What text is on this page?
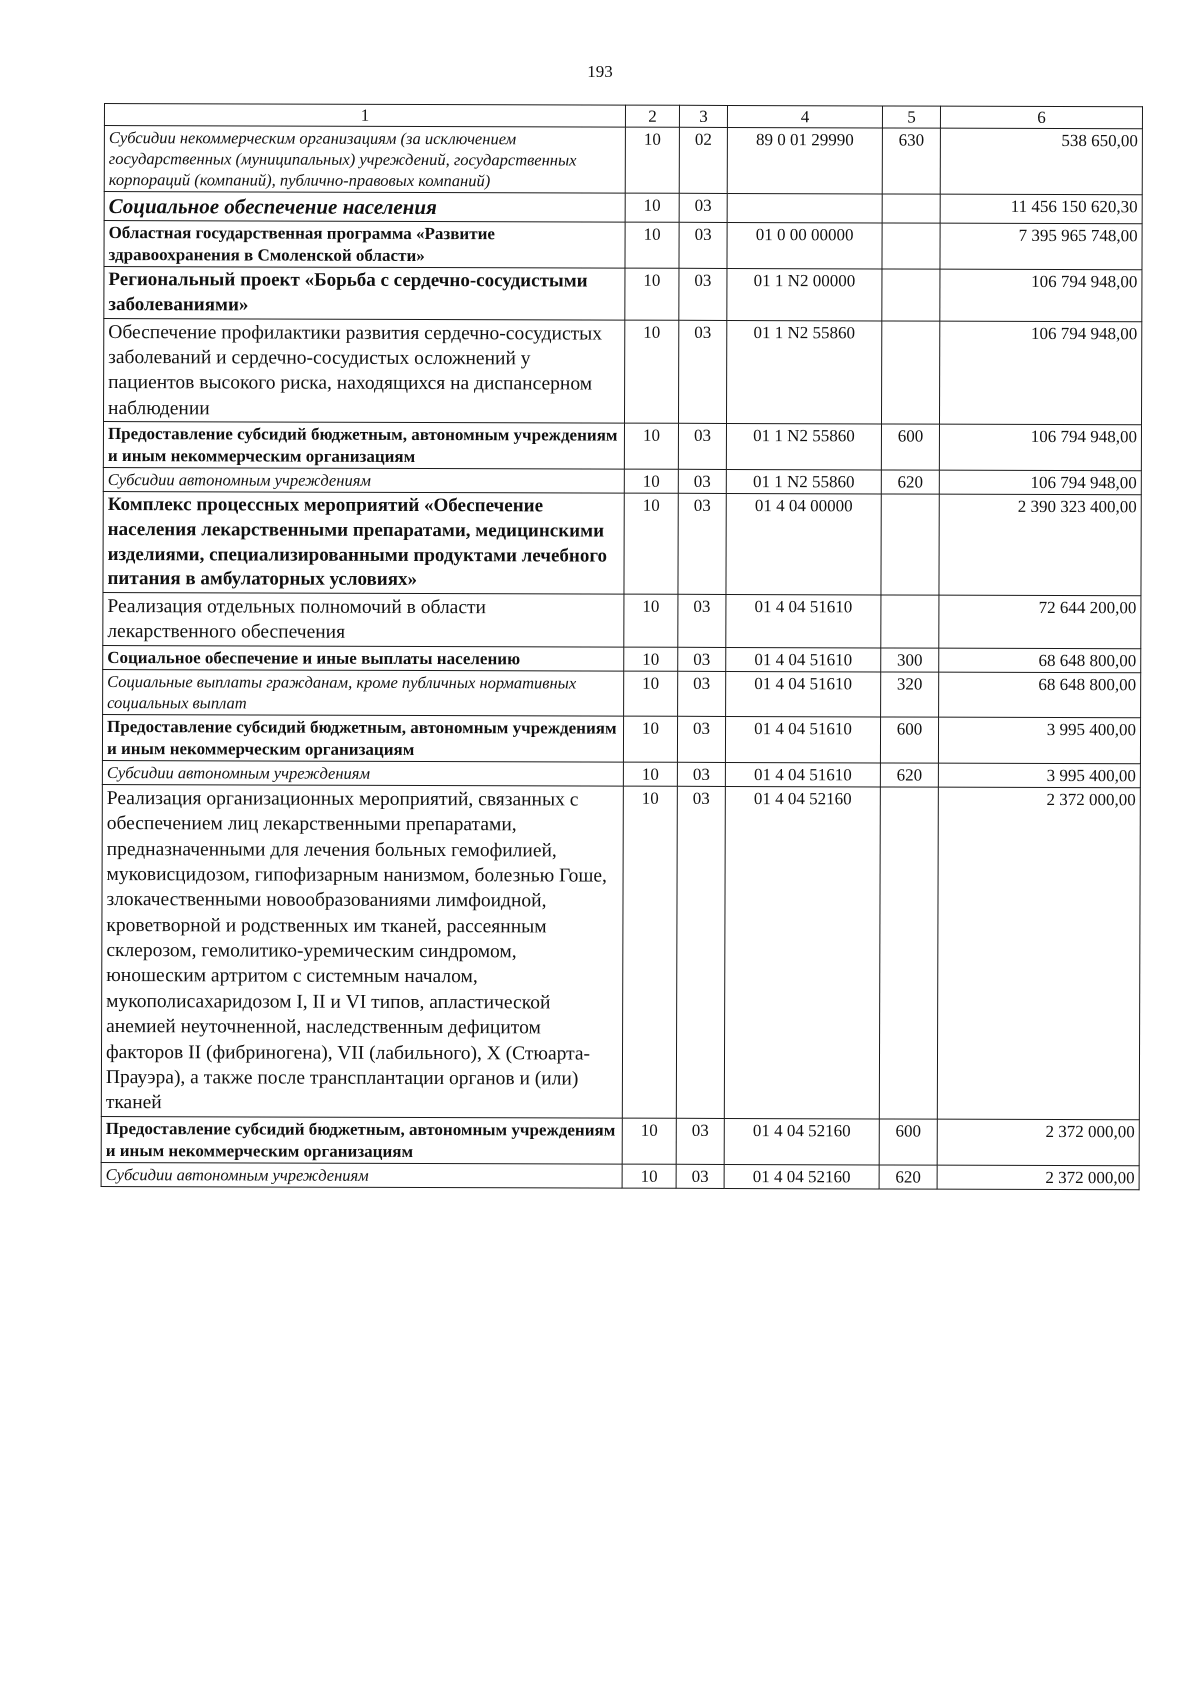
193
1	2	3	4	5	6
Субсидии некоммерческим организациям (за исключением государственных (муниципальных) учреждений, государственных корпораций (компаний), публично-правовых компаний)	10	02	89 0 01 29990	630	538 650,00
Социальное обеспечение населения	10	03			11 456 150 620,30
Областная государственная программа «Развитие здравоохранения в Смоленской области»	10	03	01 0 00 00000		7 395 965 748,00
Региональный проект «Борьба с сердечно-сосудистыми заболеваниями»	10	03	01 1 N2 00000		106 794 948,00
Обеспечение профилактики развития сердечно-сосудистых заболеваний и сердечно-сосудистых осложнений у пациентов высокого риска, находящихся на диспансерном наблюдении	10	03	01 1 N2 55860		106 794 948,00
Предоставление субсидий бюджетным, автономным учреждениям и иным некоммерческим организациям	10	03	01 1 N2 55860	600	106 794 948,00
Субсидии автономным учреждениям	10	03	01 1 N2 55860	620	106 794 948,00
Комплекс процессных мероприятий «Обеспечение населения лекарственными препаратами, медицинскими изделиями, специализированными продуктами лечебного питания в амбулаторных условиях»	10	03	01 4 04 00000		2 390 323 400,00
Реализация отдельных полномочий в области лекарственного обеспечения	10	03	01 4 04 51610		72 644 200,00
Социальное обеспечение и иные выплаты населению	10	03	01 4 04 51610	300	68 648 800,00
Социальные выплаты гражданам, кроме публичных нормативных социальных выплат	10	03	01 4 04 51610	320	68 648 800,00
Предоставление субсидий бюджетным, автономным учреждениям и иным некоммерческим организациям	10	03	01 4 04 51610	600	3 995 400,00
Субсидии автономным учреждениям	10	03	01 4 04 51610	620	3 995 400,00
Реализация организационных мероприятий, связанных с обеспечением лиц лекарственными препаратами, предназначенными для лечения больных гемофилией, муковисцидозом, гипофизарным нанизмом, болезнью Гоше, злокачественными новообразованиями лимфоидной, кроветворной и родственных им тканей, рассеянным склерозом, гемолитико-уремическим синдромом, юношеским артритом с системным началом, мукополисахаридозом I, II и VI типов, апластической анемией неуточненной, наследственным дефицитом факторов II (фибриногена), VII (лабильного), X (Стюарта-Прауэра), а также после трансплантации органов и (или) тканей	10	03	01 4 04 52160		2 372 000,00
Предоставление субсидий бюджетным, автономным учреждениям и иным некоммерческим организациям	10	03	01 4 04 52160	600	2 372 000,00
Субсидии автономным учреждениям	10	03	01 4 04 52160	620	2 372 000,00
